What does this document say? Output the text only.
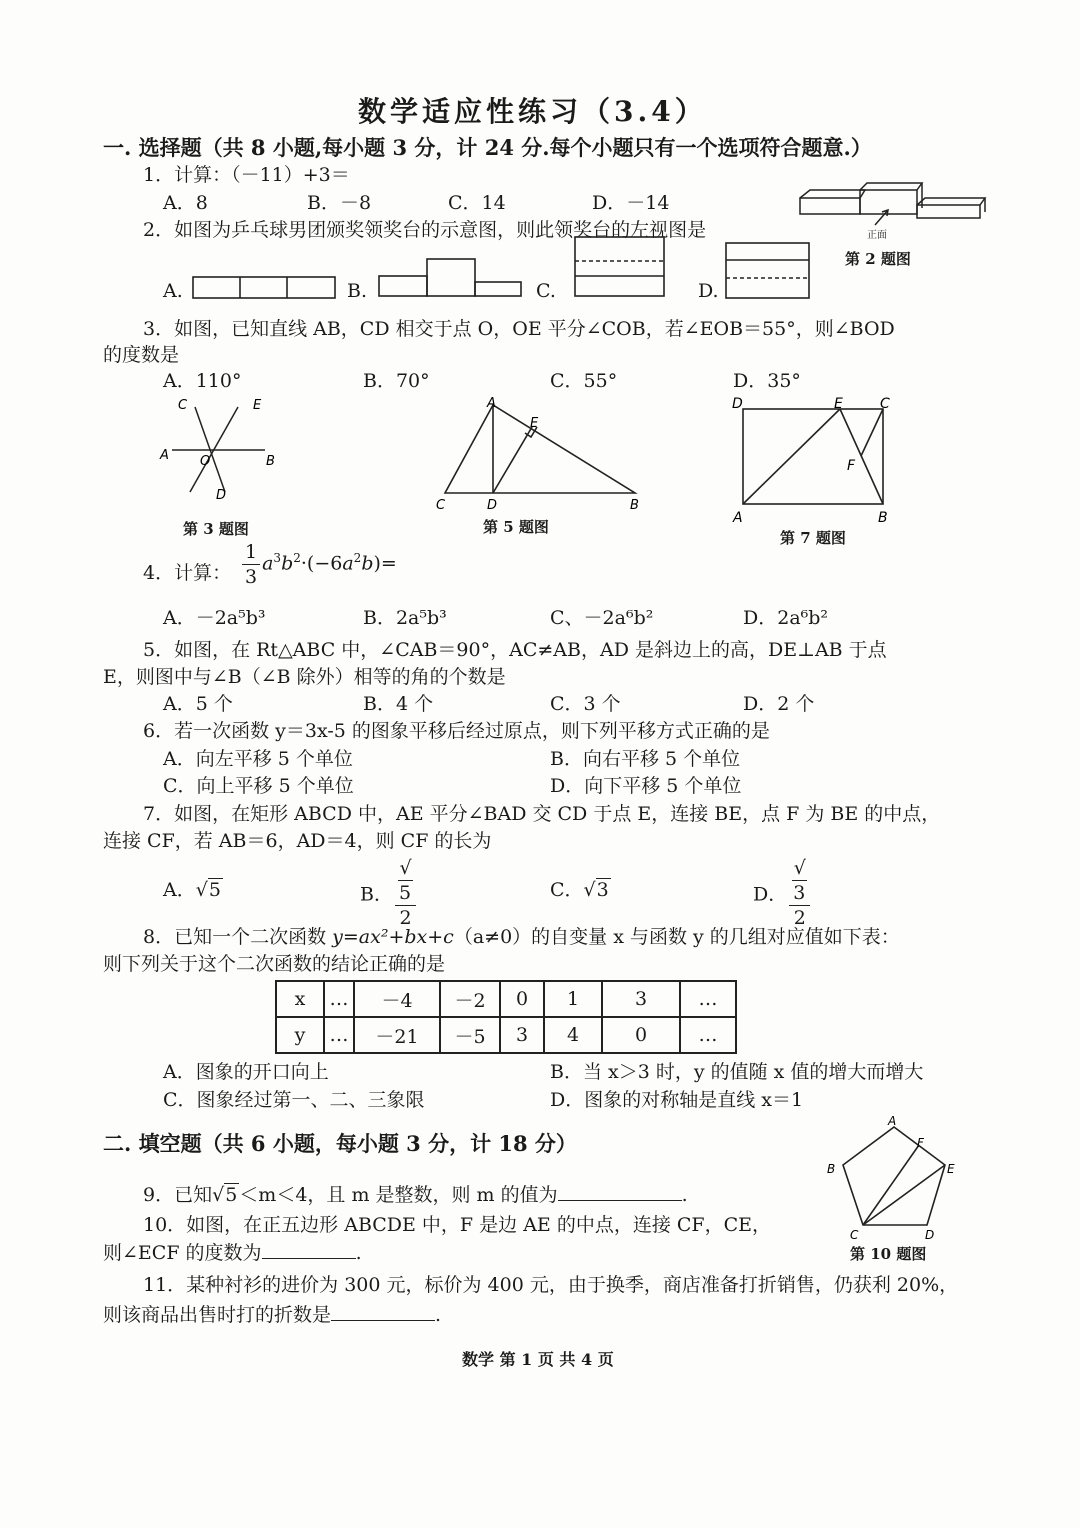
数学适应性练习（3.4）
一. 选择题（共 8 小题,每小题 3 分，计 24 分.每个小题只有一个选项符合题意.）
1．计算：（－11）+3＝
A．8	B．－8	C．14	D．－14
正面
第 2 题图
2．如图为乒乓球男团颁奖领奖台的示意图，则此领奖台的左视图是
A.	B.	C.	D.
3．如图，已知直线 AB，CD 相交于点 O，OE 平分∠COB，若∠EOB＝55°，则∠BOD
的度数是
A．110°	B．70°	C．55°	D．35°
C	E
A O	B
D
第 3 题图
A
E
C	D	B
第 5 题图
D	E	C
F
A	B
第 7 题图
4．计算： $\frac{1}{3} a^3b^2\cdot(-6a^2b)=$
A．－2a⁵b³	B．2a⁵b³	C、－2a⁶b²	D．2a⁶b²
5．如图，在 Rt△ABC 中，∠CAB＝90°，AC≠AB，AD 是斜边上的高，DE⊥AB 于点
E，则图中与∠B（∠B 除外）相等的角的个数是
A．5 个	B．4 个	C．3 个	D．2 个
6．若一次函数 y＝3x-5 的图象平移后经过原点，则下列平移方式正确的是
A．向左平移 5 个单位	B．向右平移 5 个单位
C．向上平移 5 个单位	D．向下平移 5 个单位
7．如图，在矩形 ABCD 中，AE 平分∠BAD 交 CD 于点 E，连接 BE，点 F 为 BE 的中点，
连接 CF，若 AB＝6，AD＝4，则 CF 的长为
A．√5	B． √
5
2	C．√3	D． √
3
2
8．已知一个二次函数 y=ax²+bx+c（a≠0）的自变量 x 与函数 y 的几组对应值如下表：
则下列关于这个二次函数的结论正确的是
x	…	－4	－2	0	1	3	…
y	…	－21	－5	3	4	0	…
A．图象的开口向上	B．当 x＞3 时，y 的值随 x 值的增大而增大
C．图象经过第一、二、三象限	D．图象的对称轴是直线 x＝1
二. 填空题（共 6 小题，每小题 3 分，计 18 分）
A
F
B	E
C	D
第 10 题图
9．已知√5 ＜m＜4，且 m 是整数，则 m 的值为	.
10．如图，在正五边形 ABCDE 中，F 是边 AE 的中点，连接 CF，CE，
则∠ECF 的度数为	.
11．某种衬衫的进价为 300 元，标价为 400 元，由于换季，商店准备打折销售，仍获利 20%，
则该商品出售时打的折数是	.
数学 第 1 页 共 4 页
